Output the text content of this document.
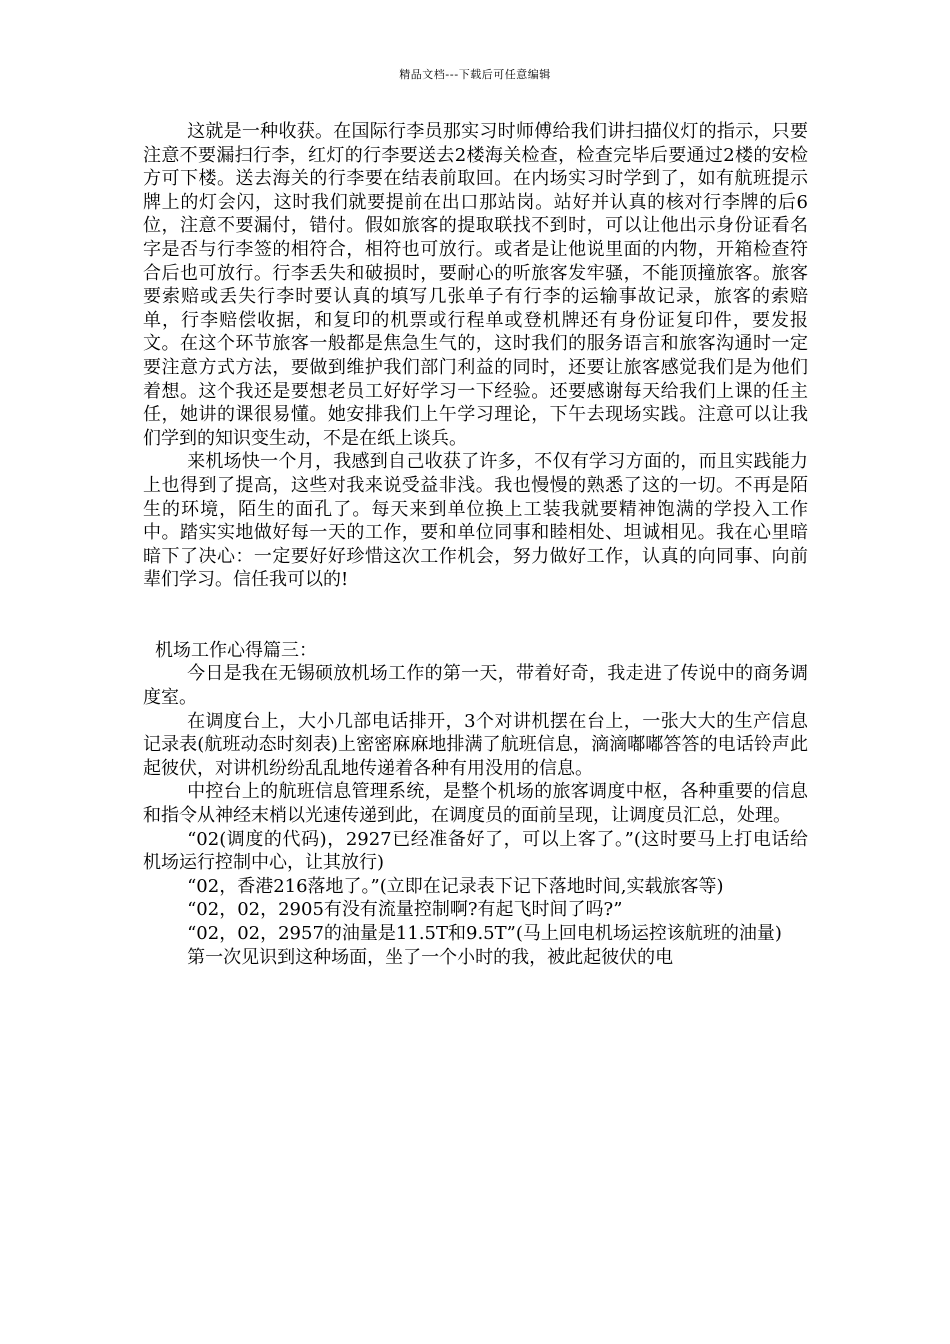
精品文档---下载后可任意编辑

这就是一种收获。在国际行李员那实习时师傅给我们讲扫描仪灯的指示，只要注意不要漏扫行李，红灯的行李要送去2楼海关检查，检查完毕后要通过2楼的安检方可下楼。送去海关的行李要在结表前取回。在内场实习时学到了，如有航班提示牌上的灯会闪，这时我们就要提前在出口那站岗。站好并认真的核对行李牌的后6位，注意不要漏付，错付。假如旅客的提取联找不到时，可以让他出示身份证看名字是否与行李签的相符合，相符也可放行。或者是让他说里面的内物，开箱检查符合后也可放行。行李丢失和破损时，要耐心的听旅客发牢骚，不能顶撞旅客。旅客要索赔或丢失行李时要认真的填写几张单子有行李的运输事故记录，旅客的索赔单，行李赔偿收据，和复印的机票或行程单或登机牌还有身份证复印件，要发报文。在这个环节旅客一般都是焦急生气的，这时我们的服务语言和旅客沟通时一定要注意方式方法，要做到维护我们部门利益的同时，还要让旅客感觉我们是为他们着想。这个我还是要想老员工好好学习一下经验。还要感谢每天给我们上课的任主任，她讲的课很易懂。她安排我们上午学习理论，下午去现场实践。注意可以让我们学到的知识变生动，不是在纸上谈兵。

来机场快一个月，我感到自己收获了许多，不仅有学习方面的，而且实践能力上也得到了提高，这些对我来说受益非浅。我也慢慢的熟悉了这的一切。不再是陌生的环境，陌生的面孔了。每天来到单位换上工装我就要精神饱满的学投入工作中。踏实实地做好每一天的工作，要和单位同事和睦相处、坦诚相见。我在心里暗暗下了决心：一定要好好珍惜这次工作机会，努力做好工作，认真的向同事、向前辈们学习。信任我可以的!

机场工作心得篇三：

今日是我在无锡硕放机场工作的第一天，带着好奇，我走进了传说中的商务调度室。

在调度台上，大小几部电话排开，3个对讲机摆在台上，一张大大的生产信息记录表(航班动态时刻表)上密密麻麻地排满了航班信息，滴滴嘟嘟答答的电话铃声此起彼伏，对讲机纷纷乱乱地传递着各种有用没用的信息。

中控台上的航班信息管理系统，是整个机场的旅客调度中枢，各种重要的信息和指令从神经末梢以光速传递到此，在调度员的面前呈现，让调度员汇总，处理。

“02(调度的代码)，2927已经准备好了，可以上客了。”(这时要马上打电话给机场运行控制中心，让其放行)

“02，香港216落地了。”(立即在记录表下记下落地时间,实载旅客等)

“02，02，2905有没有流量控制啊?有起飞时间了吗?”

“02，02，2957的油量是11.5T和9.5T”(马上回电机场运控该航班的油量)

第一次见识到这种场面，坐了一个小时的我，被此起彼伏的电
